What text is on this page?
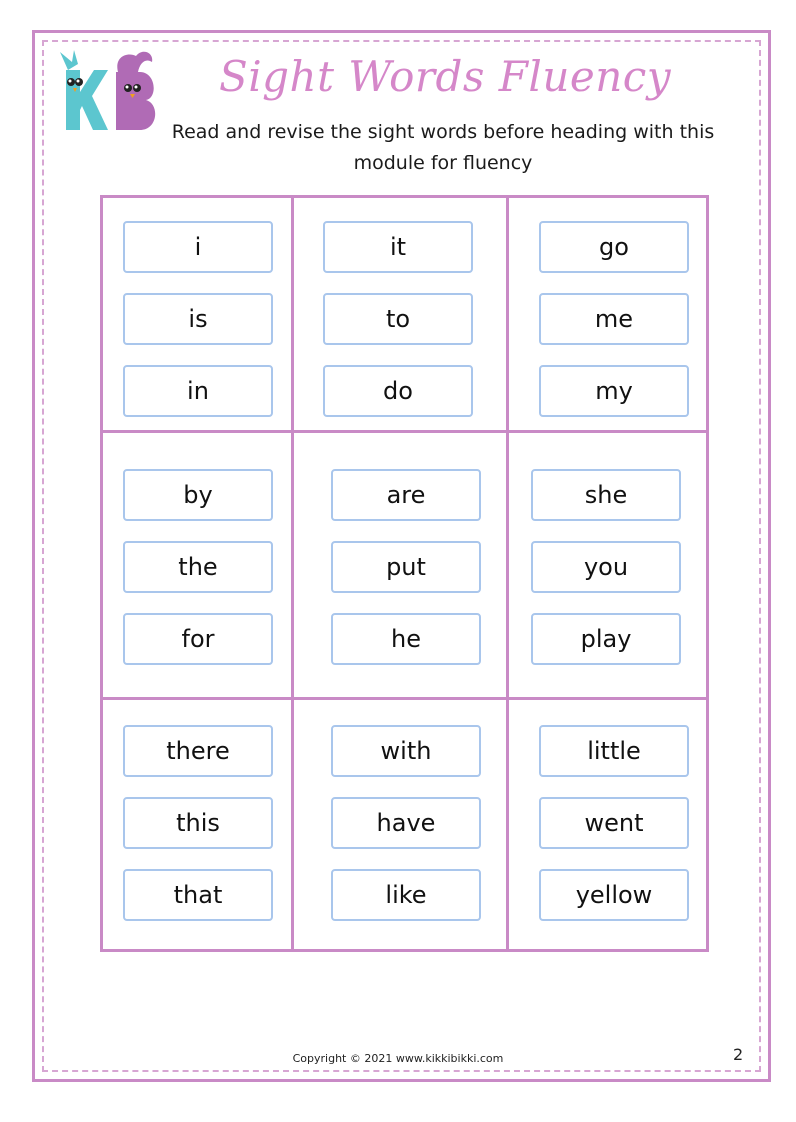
Sight Words Fluency
Read and revise the sight words before heading with this
module for fluency
i
is
in
it
to
do
go
me
my
by
the
for
are
put
he
she
you
play
there
this
that
with
have
like
little
went
yellow
Copyright © 2021 www.kikkibikki.com	2
